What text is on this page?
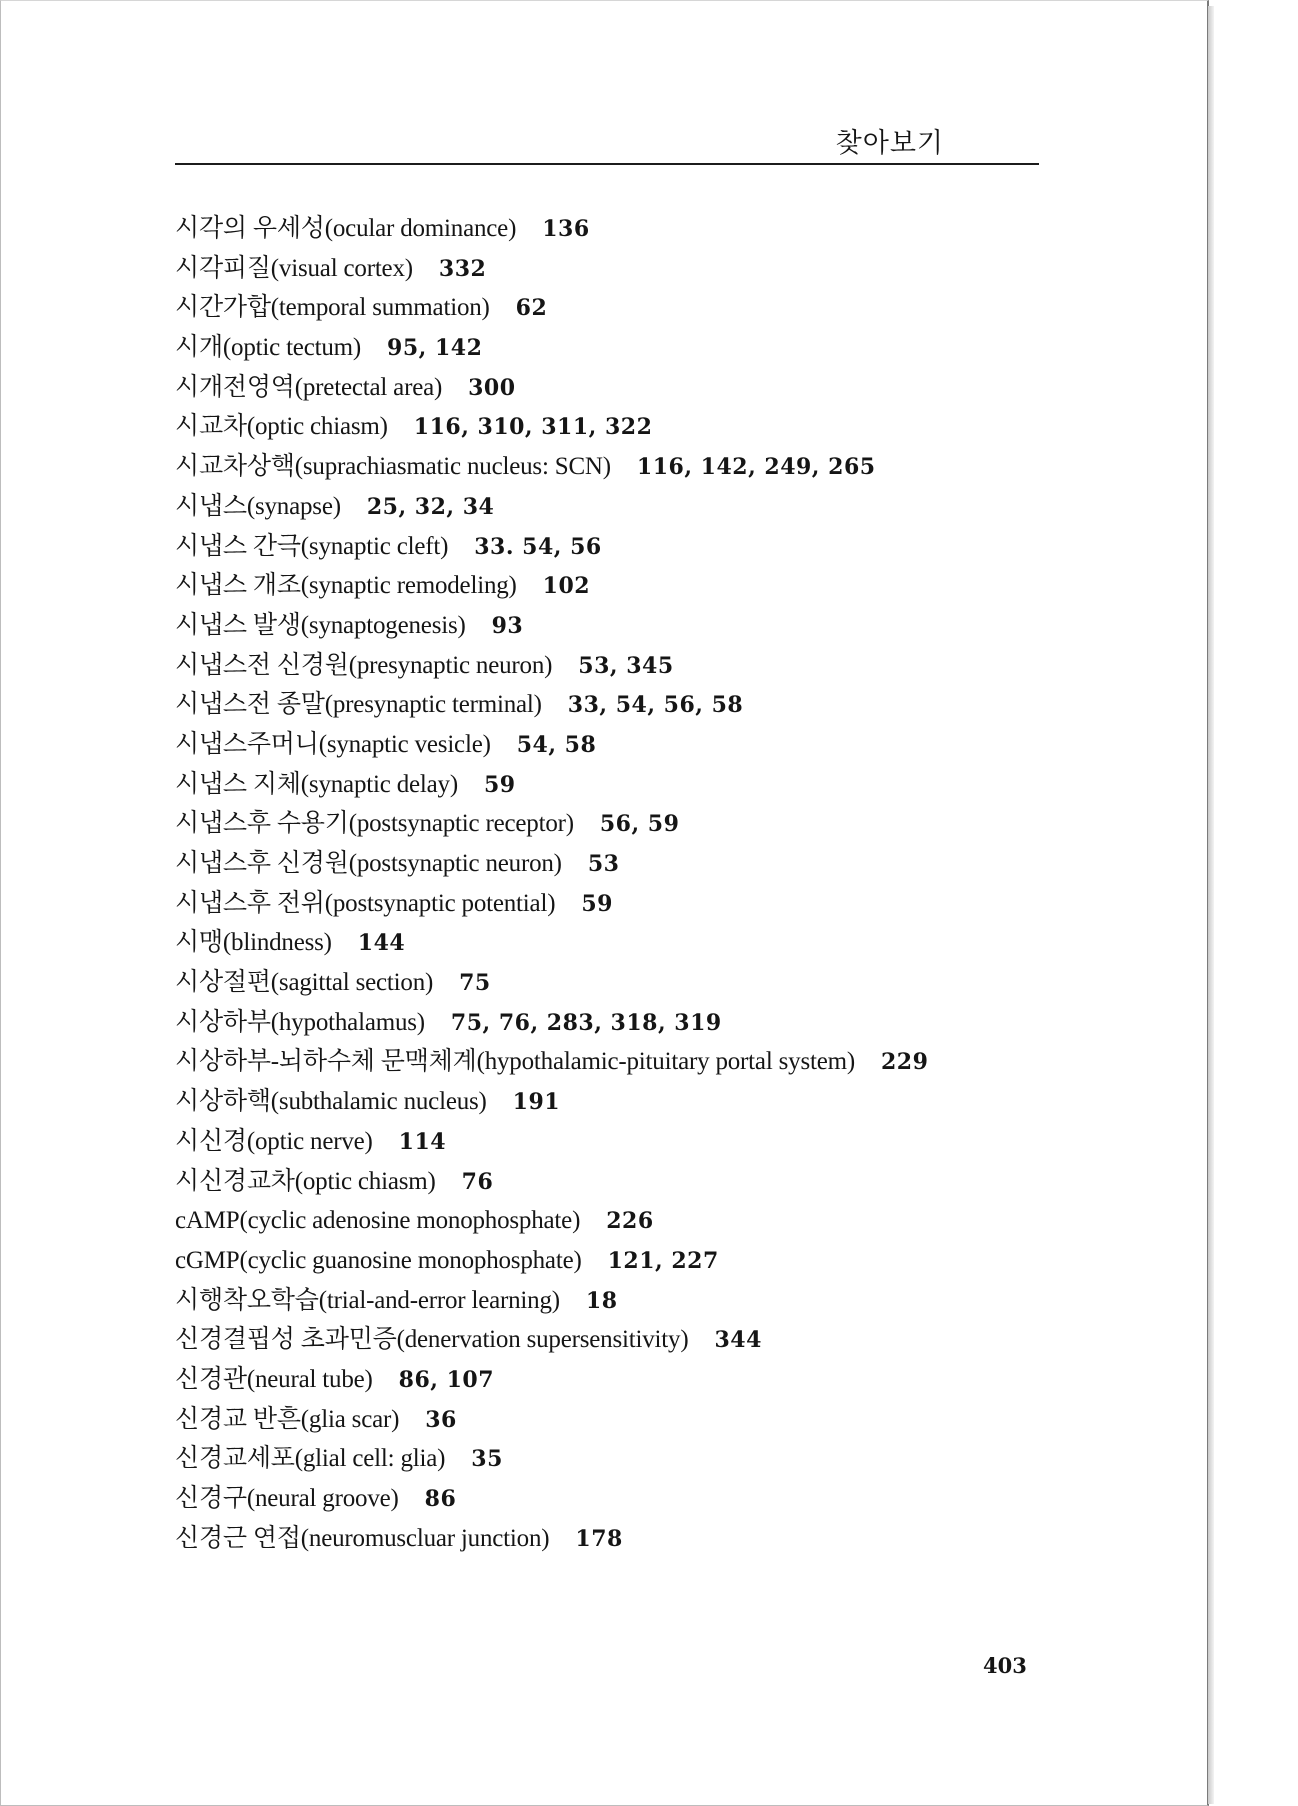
찾아보기
시각의 우세성(ocular dominance) 136
시각피질(visual cortex) 332
시간가합(temporal summation) 62
시개(optic tectum) 95, 142
시개전영역(pretectal area) 300
시교차(optic chiasm) 116, 310, 311, 322
시교차상핵(suprachiasmatic nucleus: SCN) 116, 142, 249, 265
시냅스(synapse) 25, 32, 34
시냅스 간극(synaptic cleft) 33. 54, 56
시냅스 개조(synaptic remodeling) 102
시냅스 발생(synaptogenesis) 93
시냅스전 신경원(presynaptic neuron) 53, 345
시냅스전 종말(presynaptic terminal) 33, 54, 56, 58
시냅스주머니(synaptic vesicle) 54, 58
시냅스 지체(synaptic delay) 59
시냅스후 수용기(postsynaptic receptor) 56, 59
시냅스후 신경원(postsynaptic neuron) 53
시냅스후 전위(postsynaptic potential) 59
시맹(blindness) 144
시상절편(sagittal section) 75
시상하부(hypothalamus) 75, 76, 283, 318, 319
시상하부-뇌하수체 문맥체계(hypothalamic-pituitary portal system) 229
시상하핵(subthalamic nucleus) 191
시신경(optic nerve) 114
시신경교차(optic chiasm) 76
cAMP(cyclic adenosine monophosphate) 226
cGMP(cyclic guanosine monophosphate) 121, 227
시행착오학습(trial-and-error learning) 18
신경결핍성 초과민증(denervation supersensitivity) 344
신경관(neural tube) 86, 107
신경교 반흔(glia scar) 36
신경교세포(glial cell: glia) 35
신경구(neural groove) 86
신경근 연접(neuromuscluar junction) 178
403
